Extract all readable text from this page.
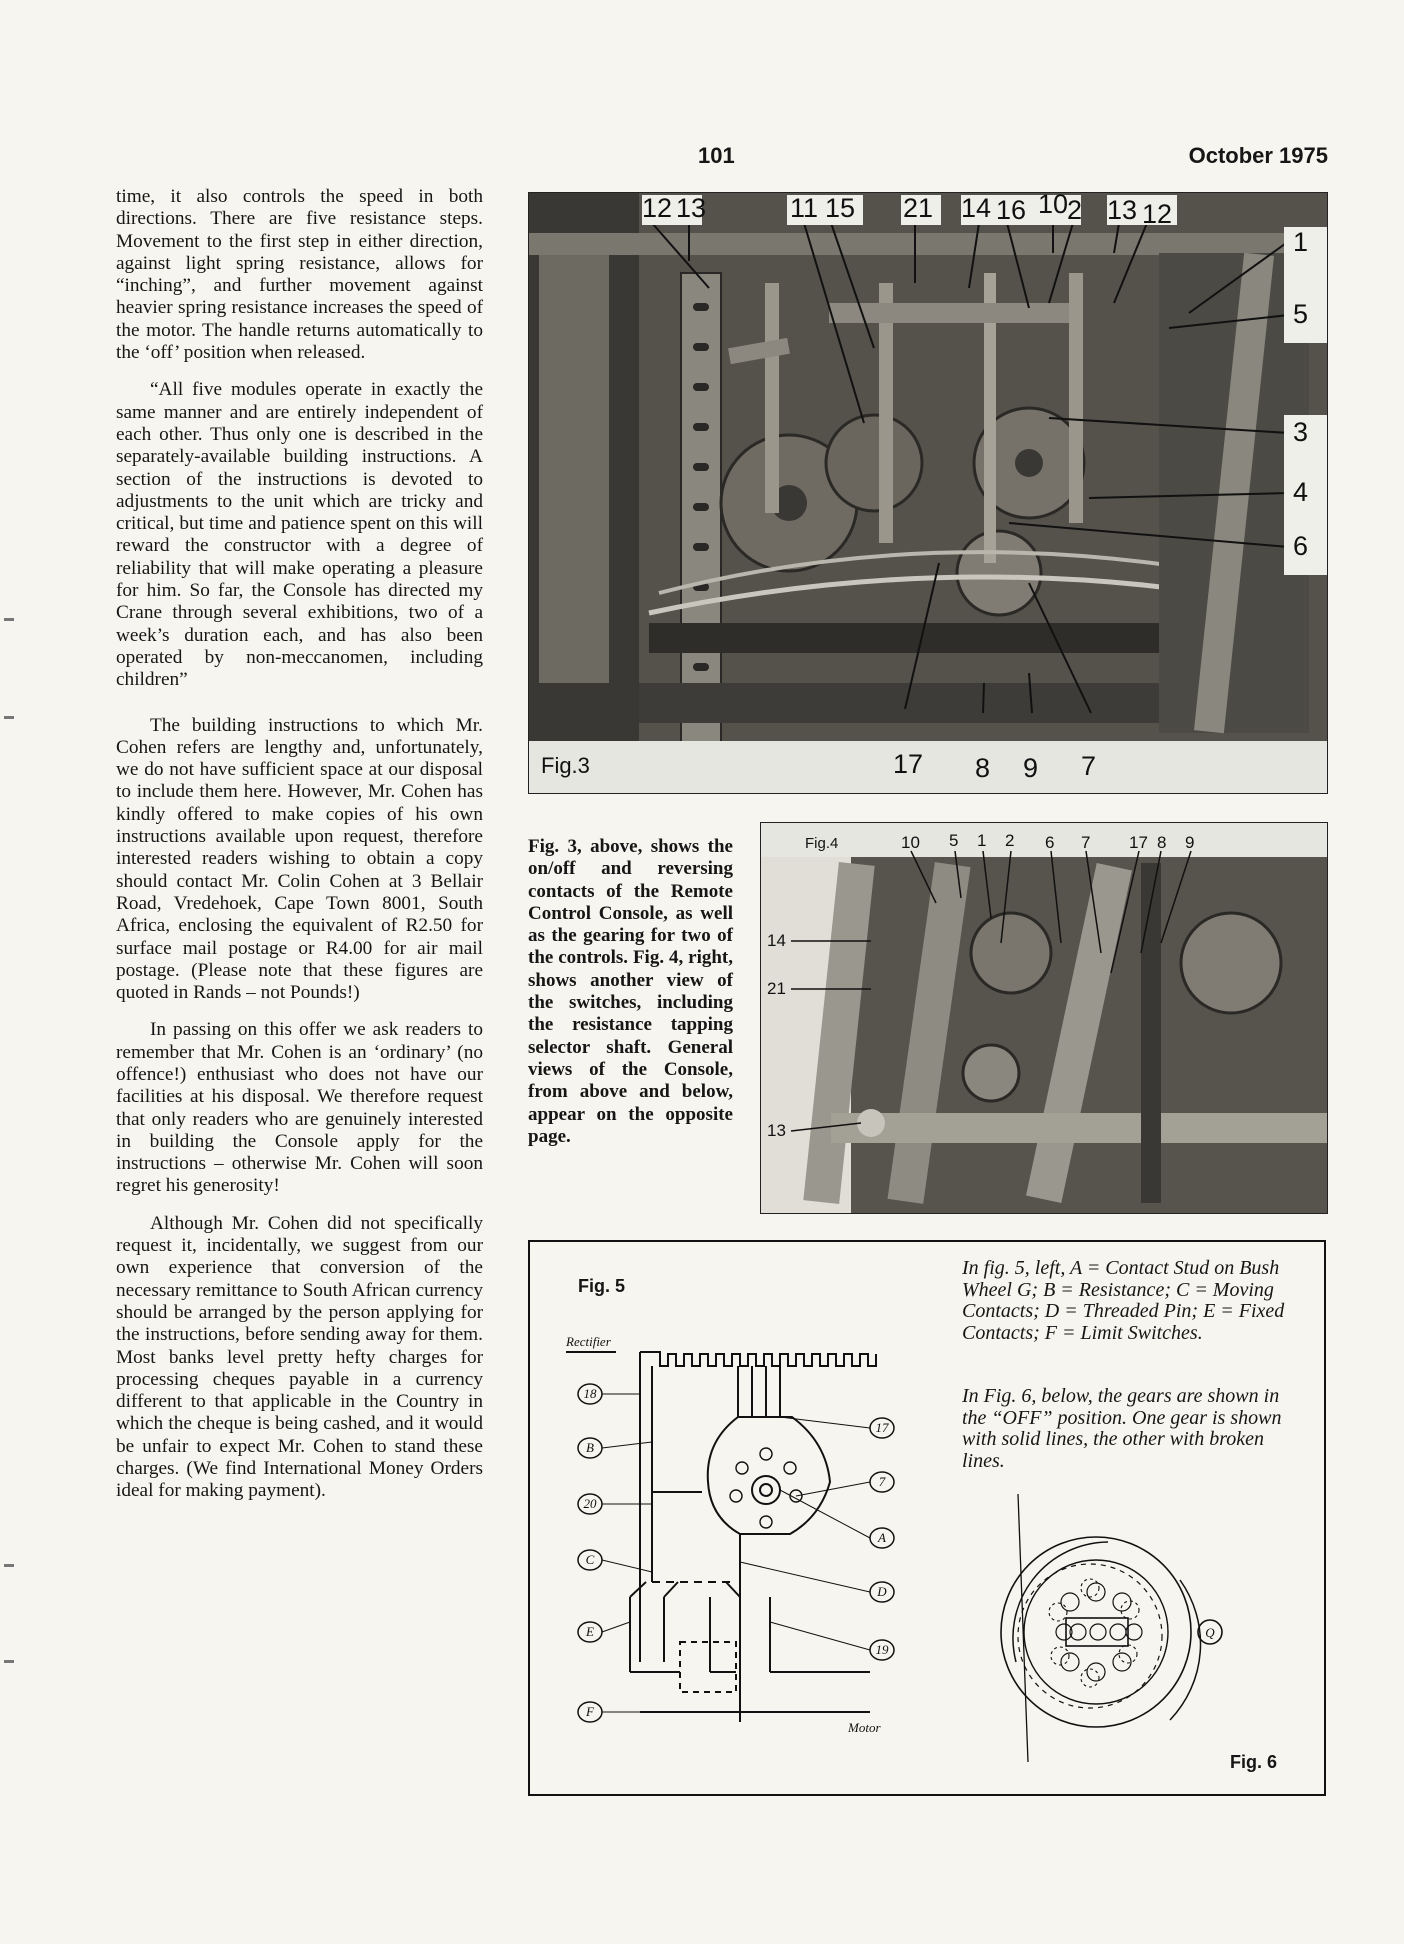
101	October 1975

time, it also controls the speed in both directions. There are five resistance steps. Movement to the first step in either direction, against light spring resistance, allows for “inching”, and further movement against heavier spring resistance increases the speed of the motor. The handle returns automatically to the ‘off’ position when released.

“All five modules operate in exactly the same manner and are entirely independent of each other. Thus only one is described in the separately-available building instructions. A section of the instructions is devoted to adjustments to the unit which are tricky and critical, but time and patience spent on this will reward the constructor with a degree of reliability that will make operating a pleasure for him. So far, the Console has directed my Crane through several exhibitions, two of a week’s duration each, and has also been operated by non-meccanomen, including children”

The building instructions to which Mr. Cohen refers are lengthy and, unfortunately, we do not have sufficient space at our disposal to include them here. However, Mr. Cohen has kindly offered to make copies of his own instructions available upon request, therefore interested readers wishing to obtain a copy should contact Mr. Colin Cohen at 3 Bellair Road, Vredehoek, Cape Town 8001, South Africa, enclosing the equivalent of R2.50 for surface mail postage or R4.00 for air mail postage. (Please note that these figures are quoted in Rands – not Pounds!)

In passing on this offer we ask readers to remember that Mr. Cohen is an ‘ordinary’ (no offence!) enthusiast who does not have our facilities at his disposal. We therefore request that only readers who are genuinely interested in building the Console apply for the instructions – otherwise Mr. Cohen will soon regret his generosity!

Although Mr. Cohen did not specifically request it, incidentally, we suggest from our own experience that conversion of the necessary remittance to South African currency should be arranged by the person applying for the instructions, before sending away for them. Most banks level pretty hefty charges for processing cheques payable in a currency different to that applicable in the Country in which the cheque is being cashed, and it would be unfair to expect Mr. Cohen to stand these charges. (We find International Money Orders ideal for making payment).

Fig.3
12 13	11 15 21 14 16 10
2 13 12
1
5
3
4
6
17 8 9 7
Fig. 3, above, shows the on/off and reversing contacts of the Remote Control Console, as well as the gearing for two of the controls. Fig. 4, right, shows another view of the switches, including the resistance tapping selector shaft. General views of the Console, from above and below, appear on the opposite page.
Fig.4	10 5 1 2 6 7 17 8 9
14
21
13
Fig. 5
In fig. 5, left, A = Contact Stud on Bush Wheel G; B = Resistance; C = Moving Contacts; D = Threaded Pin; E = Fixed Contacts; F = Limit Switches.
In Fig. 6, below, the gears are shown in the “OFF” position. One gear is shown with solid lines, the other with broken lines.
Rectifier
Motor
18
B
20
C
E
F
17
7
A
D
19
Q
Fig. 6
